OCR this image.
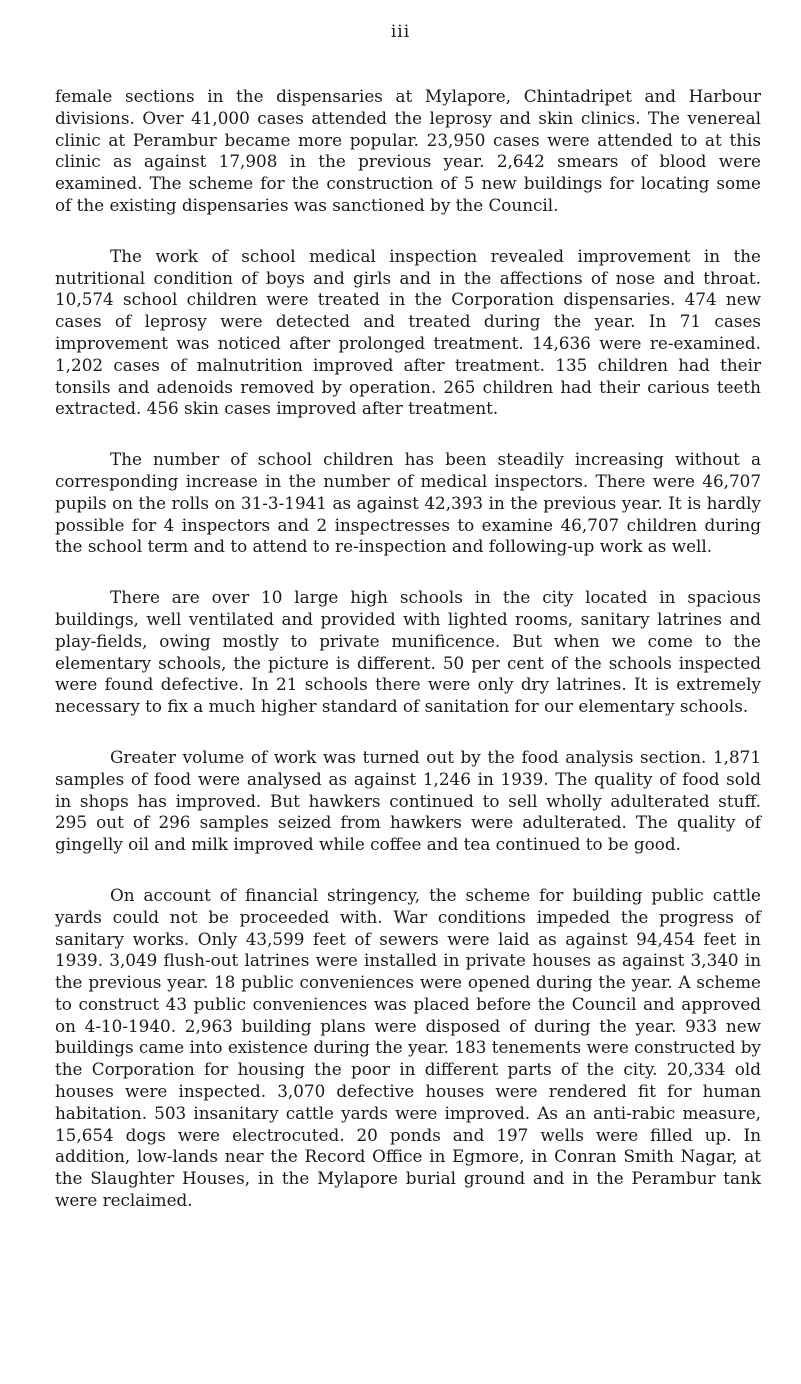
iii

female sections in the dispensaries at Mylapore, Chintadripet and Harbour divisions. Over 41,000 cases attended the leprosy and skin clinics. The venereal clinic at Perambur became more popular. 23,950 cases were attended to at this clinic as against 17,908 in the previous year. 2,642 smears of blood were examined. The scheme for the construction of 5 new buildings for locating some of the existing dispensaries was sanctioned by the Council.

The work of school medical inspection revealed improvement in the nutritional condition of boys and girls and in the affections of nose and throat. 10,574 school children were treated in the Corporation dispensaries. 474 new cases of leprosy were detected and treated during the year. In 71 cases improvement was noticed after prolonged treatment. 14,636 were re-examined. 1,202 cases of malnutrition improved after treatment. 135 children had their tonsils and adenoids removed by operation. 265 children had their carious teeth extracted. 456 skin cases improved after treatment.

The number of school children has been steadily increasing without a corresponding increase in the number of medical inspectors. There were 46,707 pupils on the rolls on 31-3-1941 as against 42,393 in the previous year. It is hardly possible for 4 inspectors and 2 inspectresses to examine 46,707 children during the school term and to attend to re-inspection and following-up work as well.

There are over 10 large high schools in the city located in spacious buildings, well ventilated and provided with lighted rooms, sanitary latrines and play-fields, owing mostly to private munificence. But when we come to the elementary schools, the picture is different. 50 per cent of the schools inspected were found defective. In 21 schools there were only dry latrines. It is extremely necessary to fix a much higher standard of sanitation for our elementary schools.

Greater volume of work was turned out by the food analysis section. 1,871 samples of food were analysed as against 1,246 in 1939. The quality of food sold in shops has improved. But hawkers continued to sell wholly adulterated stuff. 295 out of 296 samples seized from hawkers were adulterated. The quality of gingelly oil and milk improved while coffee and tea continued to be good.

On account of financial stringency, the scheme for building public cattle yards could not be proceeded with. War conditions impeded the progress of sanitary works. Only 43,599 feet of sewers were laid as against 94,454 feet in 1939. 3,049 flush-out latrines were installed in private houses as against 3,340 in the previous year. 18 public conveniences were opened during the year. A scheme to construct 43 public conveniences was placed before the Council and approved on 4-10-1940. 2,963 building plans were disposed of during the year. 933 new buildings came into existence during the year. 183 tenements were constructed by the Corporation for housing the poor in different parts of the city. 20,334 old houses were inspected. 3,070 defective houses were rendered fit for human habitation. 503 insanitary cattle yards were improved. As an anti-rabic measure, 15,654 dogs were electrocuted. 20 ponds and 197 wells were filled up. In addition, low-lands near the Record Office in Egmore, in Conran Smith Nagar, at the Slaughter Houses, in the Mylapore burial ground and in the Perambur tank were reclaimed.
